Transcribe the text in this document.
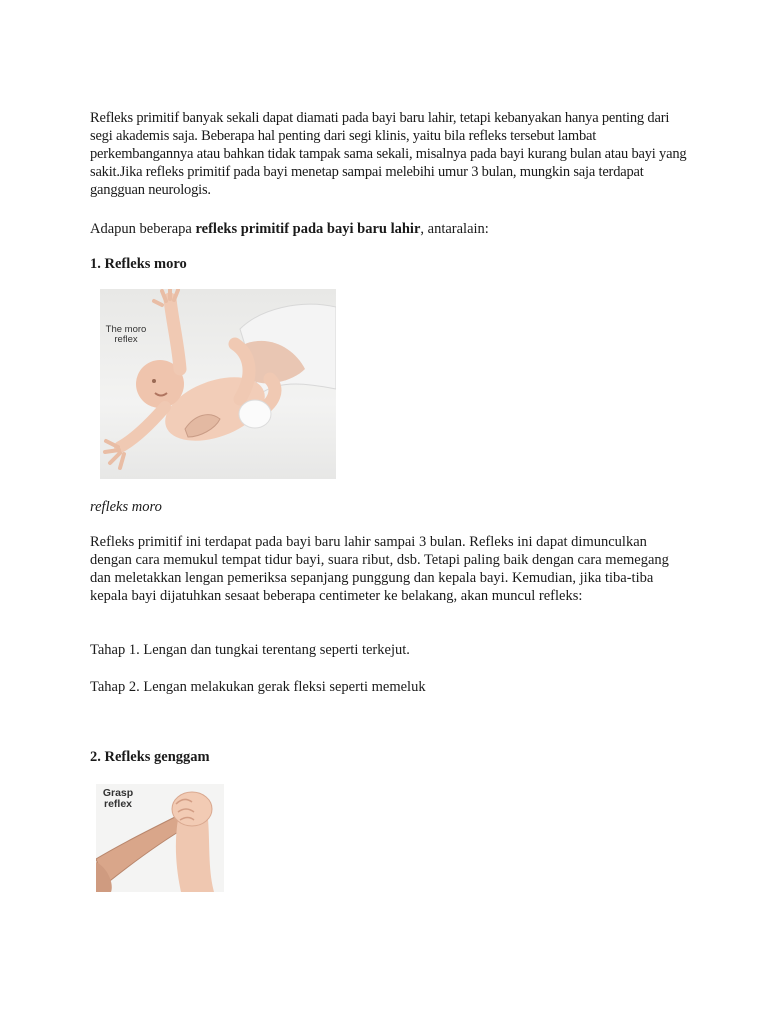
Refleks primitif banyak sekali dapat diamati pada bayi baru lahir, tetapi kebanyakan hanya penting dari segi akademis saja. Beberapa hal penting dari segi klinis, yaitu bila refleks tersebut lambat perkembangannya atau bahkan tidak tampak sama sekali, misalnya pada bayi kurang bulan atau bayi yang sakit.Jika refleks primitif pada bayi menetap sampai melebihi umur 3 bulan, mungkin saja terdapat gangguan neurologis.

Adapun beberapa refleks primitif pada bayi baru lahir, antaralain:

1. Refleks moro
The moro
reflex

refleks moro

Refleks primitif ini terdapat pada bayi baru lahir sampai 3 bulan. Refleks ini dapat dimunculkan dengan cara memukul tempat tidur bayi, suara ribut, dsb. Tetapi paling baik dengan cara memegang dan meletakkan lengan pemeriksa sepanjang punggung dan kepala bayi. Kemudian, jika tiba-tiba kepala bayi dijatuhkan sesaat beberapa centimeter ke belakang, akan muncul refleks:

Tahap 1. Lengan dan tungkai terentang seperti terkejut.

Tahap 2. Lengan melakukan gerak fleksi seperti memeluk

2. Refleks genggam
Grasp
reflex
